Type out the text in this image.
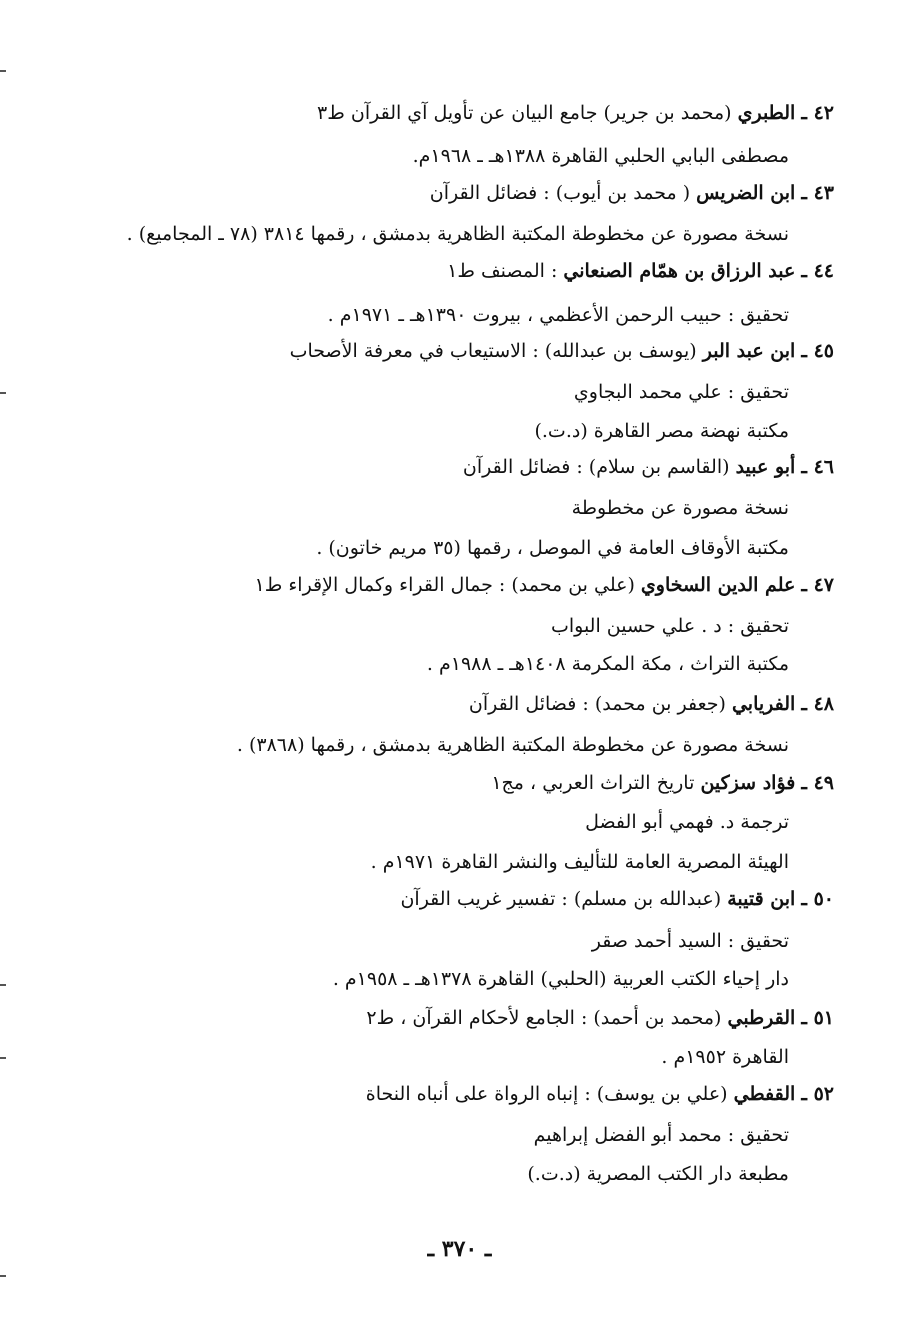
٤٢ ـ الطبري (محمد بن جرير) جامع البيان عن تأويل آي القرآن ط٣
مصطفى البابي الحلبي القاهرة ١٣٨٨هـ ـ ١٩٦٨م.
٤٣ ـ ابن الضريس ( محمد بن أيوب) : فضائل القرآن
نسخة مصورة عن مخطوطة المكتبة الظاهرية بدمشق ، رقمها ٣٨١٤ (٧٨ ـ المجاميع) .
٤٤ ـ عبد الرزاق بن همّام الصنعاني : المصنف ط١
تحقيق : حبيب الرحمن الأعظمي ، بيروت ١٣٩٠هـ ـ ١٩٧١م .
٤٥ ـ ابن عبد البر (يوسف بن عبدالله) : الاستيعاب في معرفة الأصحاب
تحقيق : علي محمد البجاوي
مكتبة نهضة مصر القاهرة (د.ت.)
٤٦ ـ أبو عبيد (القاسم بن سلام) : فضائل القرآن
نسخة مصورة عن مخطوطة
مكتبة الأوقاف العامة في الموصل ، رقمها (٣٥ مريم خاتون) .
٤٧ ـ علم الدين السخاوي (علي بن محمد) : جمال القراء وكمال الإقراء ط١
تحقيق : د . علي حسين البواب
مكتبة التراث ، مكة المكرمة ١٤٠٨هـ ـ ١٩٨٨م .
٤٨ ـ الفريابي (جعفر بن محمد) : فضائل القرآن
نسخة مصورة عن مخطوطة المكتبة الظاهرية بدمشق ، رقمها (٣٨٦٨) .
٤٩ ـ فؤاد سزكين تاريخ التراث العربي ، مج١
ترجمة د. فهمي أبو الفضل
الهيئة المصرية العامة للتأليف والنشر القاهرة ١٩٧١م .
٥٠ ـ ابن قتيبة (عبدالله بن مسلم) : تفسير غريب القرآن
تحقيق : السيد أحمد صقر
دار إحياء الكتب العربية (الحلبي) القاهرة ١٣٧٨هـ ـ ١٩٥٨م .
٥١ ـ القرطبي (محمد بن أحمد) : الجامع لأحكام القرآن ، ط٢
القاهرة ١٩٥٢م .
٥٢ ـ القفطي (علي بن يوسف) : إنباه الرواة على أنباه النحاة
تحقيق : محمد أبو الفضل إبراهيم
مطبعة دار الكتب المصرية (د.ت.)
ـ ٣٧٠ ـ
